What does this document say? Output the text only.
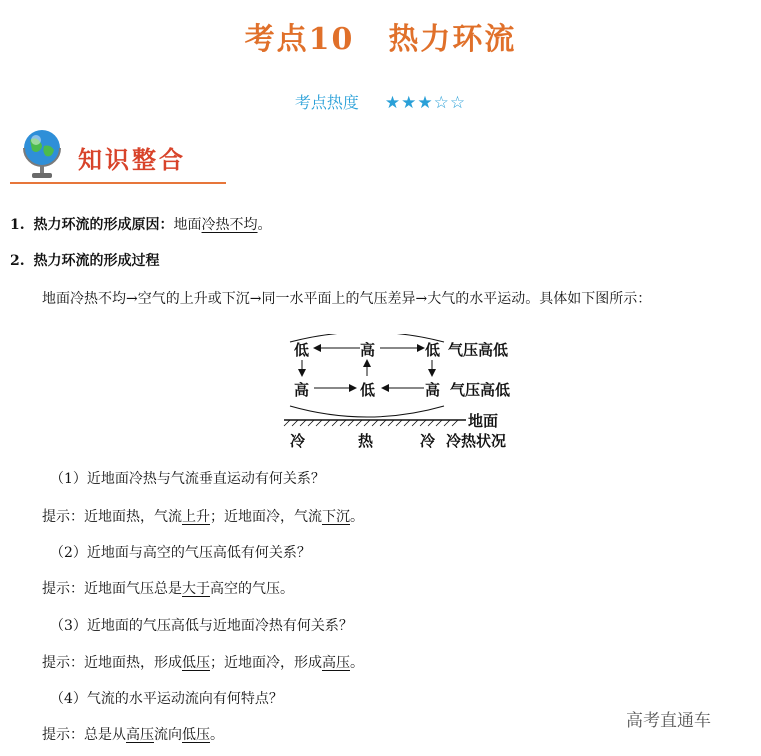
考点10 热力环流
考点热度 ★★★☆☆
知识整合
1. 热力环流的形成原因：地面冷热不均。
2. 热力环流的形成过程
地面冷热不均→空气的上升或下沉→同一水平面上的气压差异→大气的水平运动。具体如下图所示：
低	高	低 气压高低
高	低	高 气压高低
地面
冷	热	冷 冷热状况
（1）近地面冷热与气流垂直运动有何关系？
提示：近地面热，气流上升；近地面冷，气流下沉。
（2）近地面与高空的气压高低有何关系？
提示：近地面气压总是大于高空的气压。
（3）近地面的气压高低与近地面冷热有何关系？
提示：近地面热，形成低压；近地面冷，形成高压。
（4）气流的水平运动流向有何特点？
提示：总是从高压流向低压。
高考直通车
